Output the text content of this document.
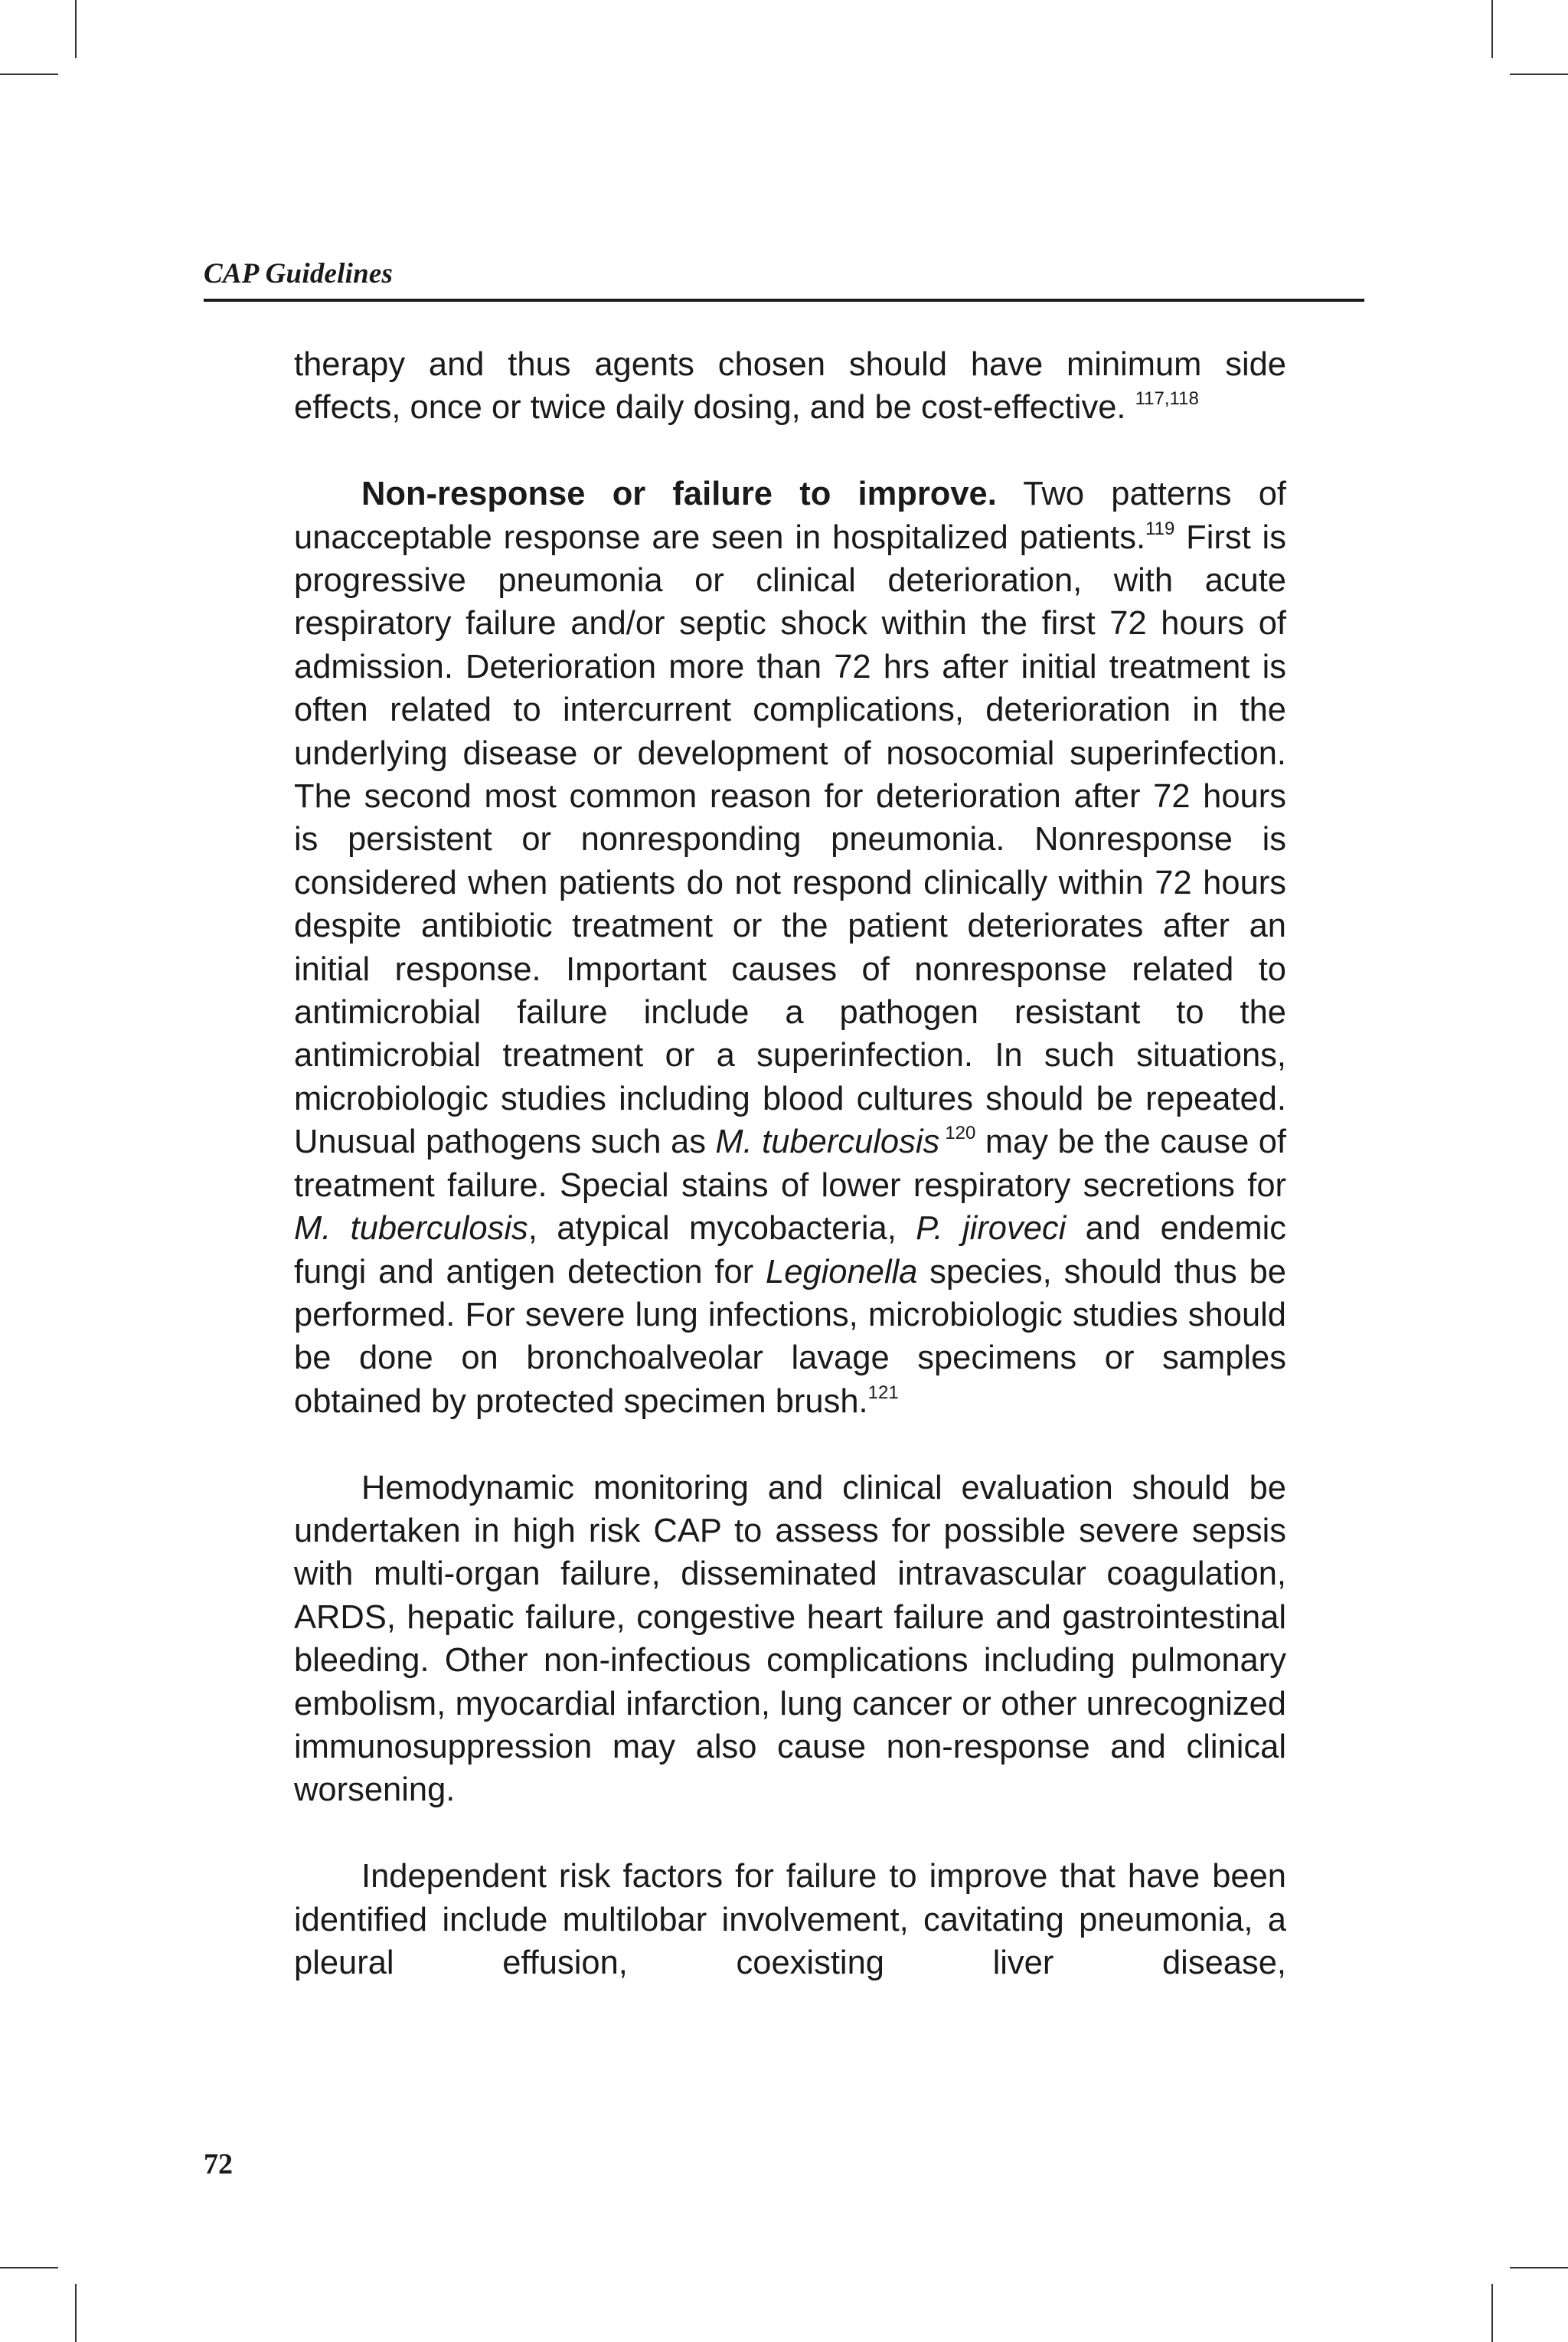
CAP Guidelines

therapy and thus agents chosen should have minimum side effects, once or twice daily dosing, and be cost-effective. $^{117,118}$

Non-response or failure to improve. Two patterns of unacceptable response are seen in hospitalized patients.$^{119}$ First is progressive pneumonia or clinical deterioration, with acute respiratory failure and/or septic shock within the first 72 hours of admission. Deterioration more than 72 hrs after initial treatment is often related to intercurrent complications, deterioration in the underlying disease or development of nosocomial superinfection. The second most common reason for deterioration after 72 hours is persistent or nonresponding pneumonia. Nonresponse is considered when patients do not respond clinically within 72 hours despite antibiotic treatment or the patient deteriorates after an initial response. Important causes of nonresponse related to antimicrobial failure include a pathogen resistant to the antimicrobial treatment or a superinfection. In such situations, microbiologic studies including blood cultures should be repeated. Unusual pathogens such as M. tuberculosis $^{120}$ may be the cause of treatment failure. Special stains of lower respiratory secretions for M. tuberculosis, atypical mycobacteria, P. jiroveci and endemic fungi and antigen detection for Legionella species, should thus be performed. For severe lung infections, microbiologic studies should be done on bronchoalveolar lavage specimens or samples obtained by protected specimen brush.$^{121}$

Hemodynamic monitoring and clinical evaluation should be undertaken in high risk CAP to assess for possible severe sepsis with multi-organ failure, disseminated intravascular coagulation, ARDS, hepatic failure, congestive heart failure and gastrointestinal bleeding. Other non-infectious complications including pulmonary embolism, myocardial infarction, lung cancer or other unrecognized immunosuppression may also cause non-response and clinical worsening.

Independent risk factors for failure to improve that have been identified include multilobar involvement, cavitating pneumonia, a pleural effusion, coexisting liver disease,

72
